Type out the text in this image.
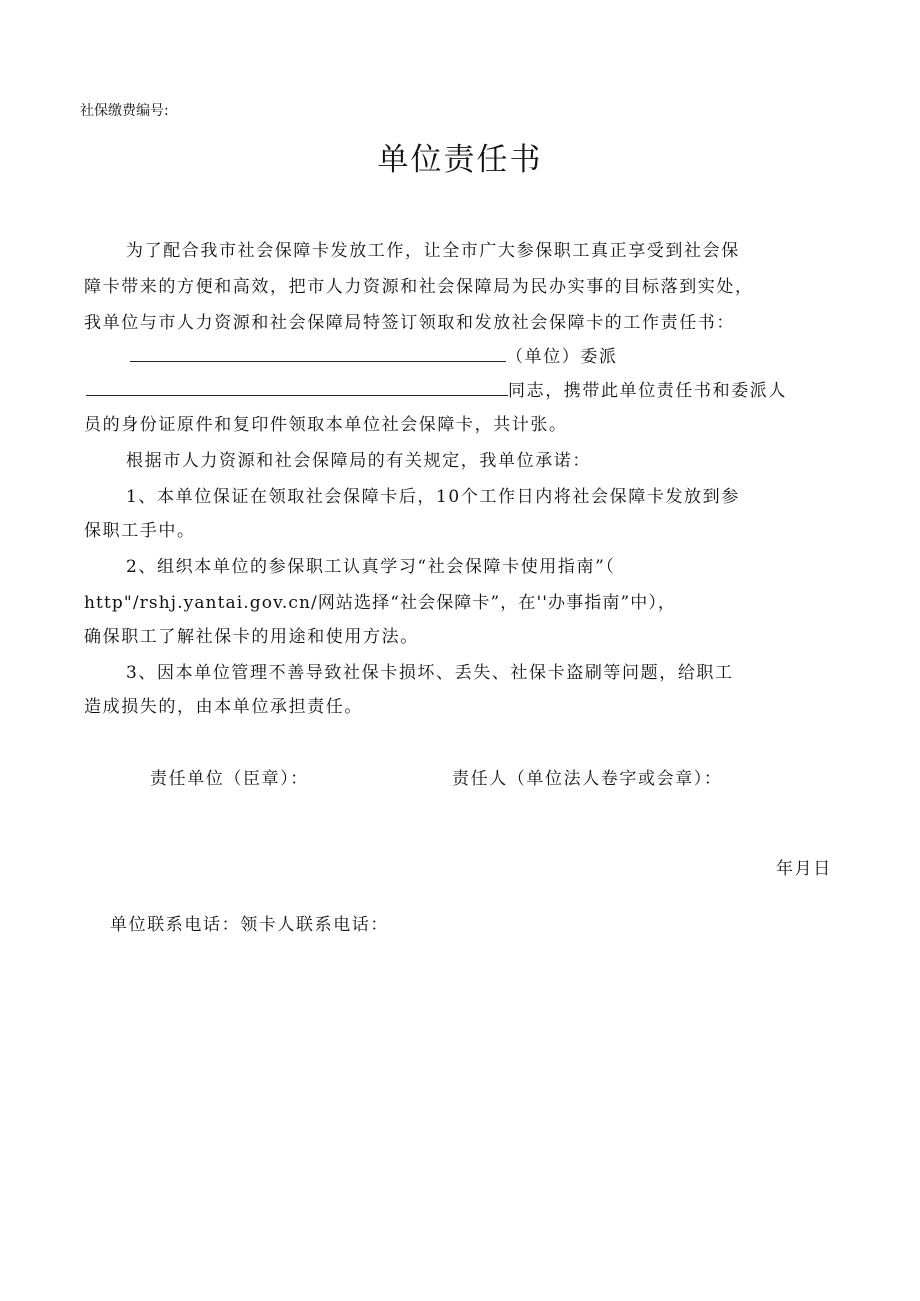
社保缴费编号:
单位责任书
为了配合我市社会保障卡发放工作，让全市广大参保职工真正享受到社会保
障卡带来的方便和高效，把市人力资源和社会保障局为民办实事的目标落到实处，
我单位与市人力资源和社会保障局特签订领取和发放社会保障卡的工作责任书：
（单位）委派
同志，携带此单位责任书和委派人
员的身份证原件和复印件领取本单位社会保障卡，共计张。
根据市人力资源和社会保障局的有关规定，我单位承诺：
1、本单位保证在领取社会保障卡后，10个工作日内将社会保障卡发放到参
保职工手中。
2、组织本单位的参保职工认真学习“社会保障卡使用指南”（
http"/rshj.yantai.gov.cn/网站选择“社会保障卡”，在''办事指南”中），
确保职工了解社保卡的用途和使用方法。
3、因本单位管理不善导致社保卡损坏、丢失、社保卡盗刷等问题，给职工
造成损失的，由本单位承担责任。
责任单位（臣章）：	责任人（单位法人卷字或会章）：
年月日
单位联系电话：领卡人联系电话：
